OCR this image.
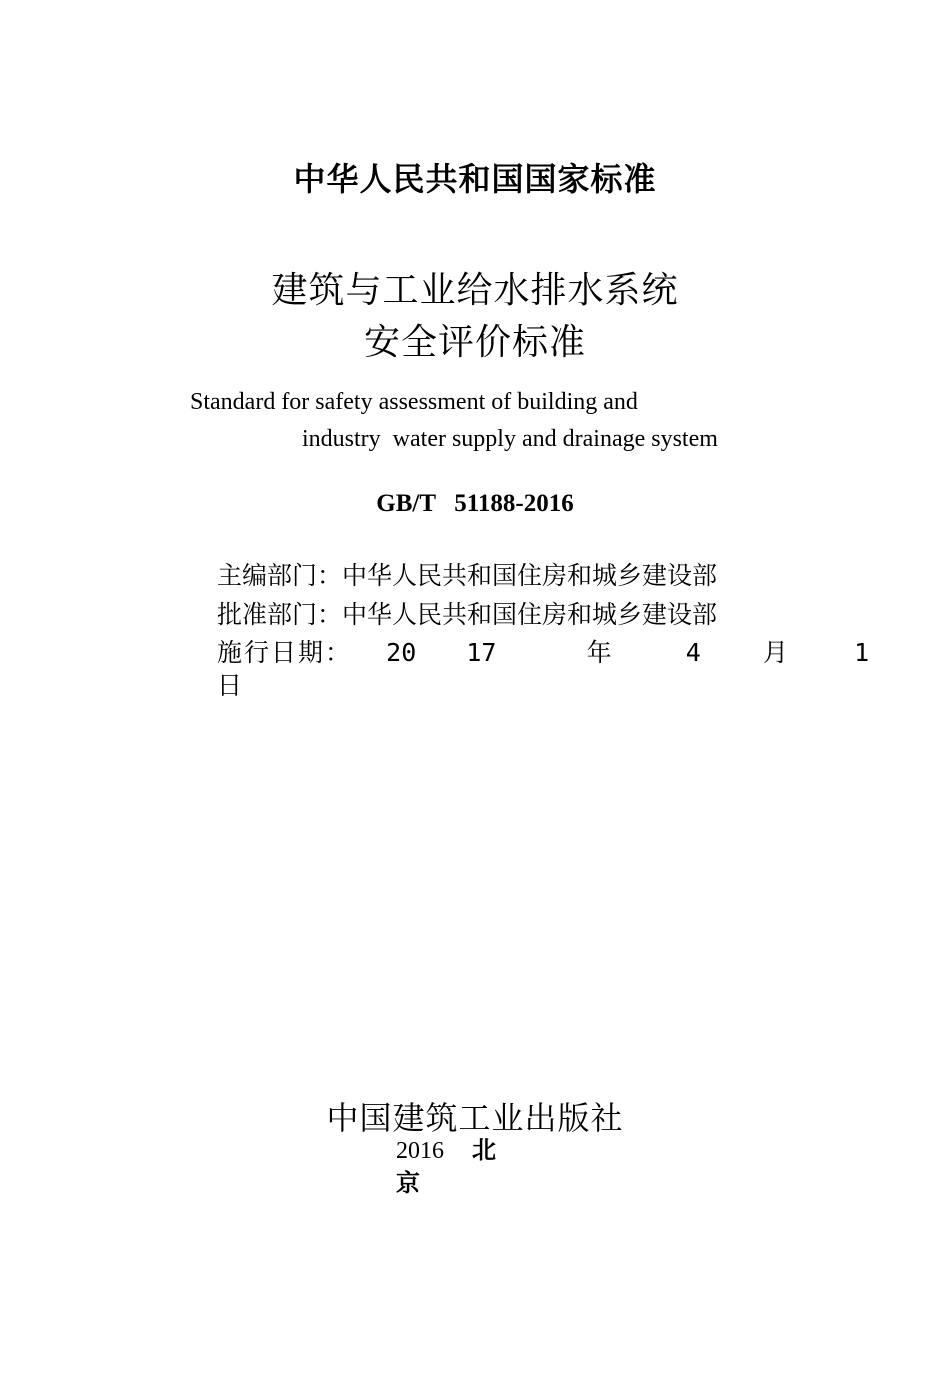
中华人民共和国国家标准
建筑与工业给水排水系统
安全评价标准
Standard for safety assessment of building and
industry  water supply and drainage system
GB/T 51188-2016
主编部门：中华人民共和国住房和城乡建设部
批准部门：中华人民共和国住房和城乡建设部
施行日期： 20 17	年	4 月	1
日
中国建筑工业出版社
2016 北
京
